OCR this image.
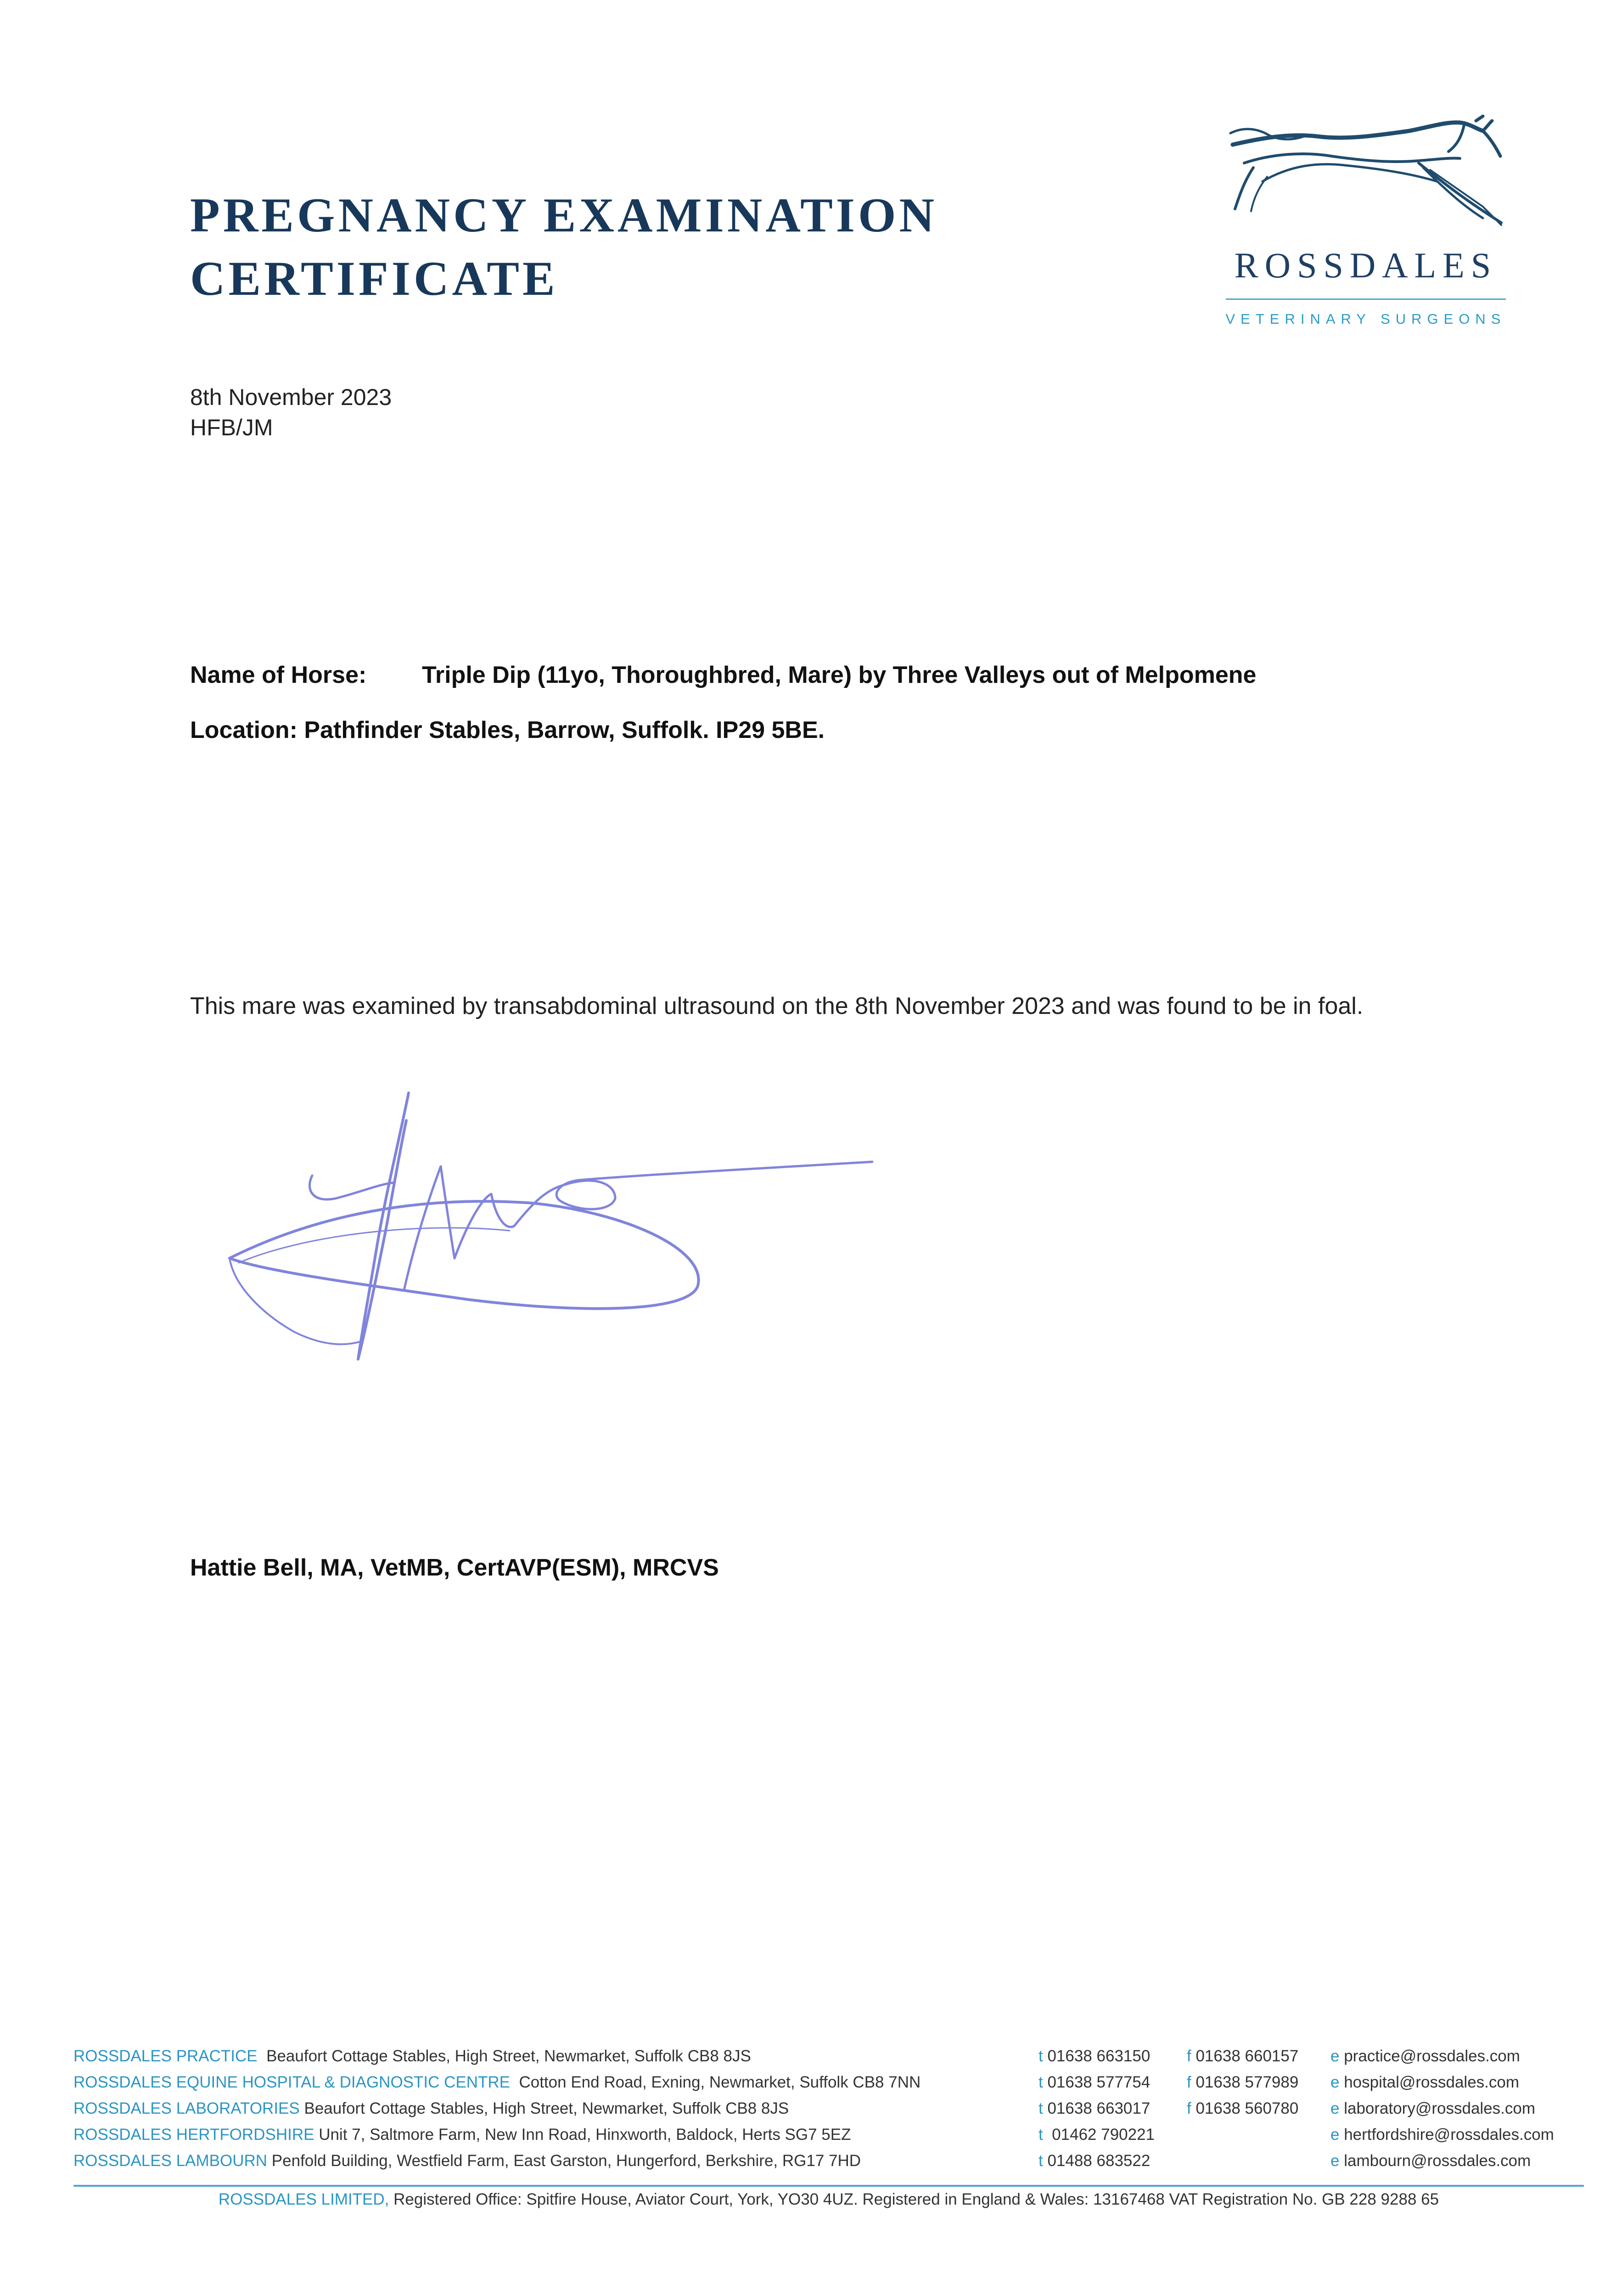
PREGNANCY EXAMINATION
CERTIFICATE	ROSSDALES
VETERINARY SURGEONS
8th November 2023
HFB/JM
Name of Horse: Triple Dip (11yo, Thoroughbred, Mare) by Three Valleys out of Melpomene
Location: Pathfinder Stables, Barrow, Suffolk. IP29 5BE.
This mare was examined by transabdominal ultrasound on the 8th November 2023 and was found to be in foal.
Hattie Bell, MA, VetMB, CertAVP(ESM), MRCVS
ROSSDALES PRACTICE Beaufort Cottage Stables, High Street, Newmarket, Suffolk CB8 8JS	t 01638 663150 f 01638 660157 e practice@rossdales.com
ROSSDALES EQUINE HOSPITAL & DIAGNOSTIC CENTRE Cotton End Road, Exning, Newmarket, Suffolk CB8 7NN	t 01638 577754 f 01638 577989 e hospital@rossdales.com
ROSSDALES LABORATORIES Beaufort Cottage Stables, High Street, Newmarket, Suffolk CB8 8JS	t 01638 663017 f 01638 560780 e laboratory@rossdales.com
ROSSDALES HERTFORDSHIRE Unit 7, Saltmore Farm, New Inn Road, Hinxworth, Baldock, Herts SG7 5EZ	t 01462 790221	e hertfordshire@rossdales.com
ROSSDALES LAMBOURN Penfold Building, Westfield Farm, East Garston, Hungerford, Berkshire, RG17 7HD	t 01488 683522	e lambourn@rossdales.com
ROSSDALES LIMITED, Registered Office: Spitfire House, Aviator Court, York, YO30 4UZ. Registered in England & Wales: 13167468 VAT Registration No. GB 228 9288 65
